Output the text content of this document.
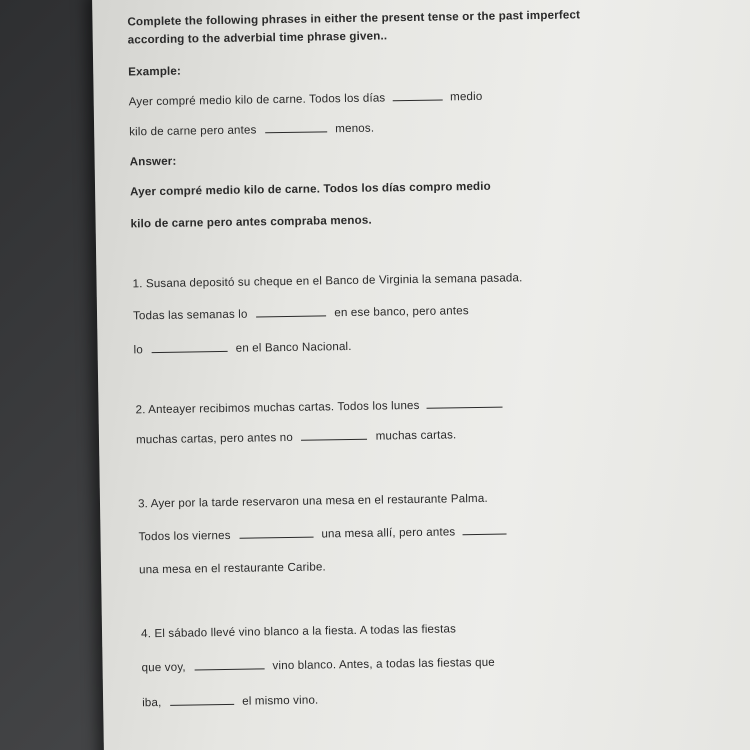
Complete the following phrases in either the present tense or the past imperfect
according to the adverbial time phrase given..
Example:
Ayer compré medio kilo de carne. Todos los días	medio
kilo de carne pero antes	menos.
Answer:
Ayer compré medio kilo de carne. Todos los días compro medio
kilo de carne pero antes compraba menos.
1. Susana depositó su cheque en el Banco de Virginia la semana pasada.
Todas las semanas lo	en ese banco, pero antes
lo	en el Banco Nacional.
2. Anteayer recibimos muchas cartas. Todos los lunes
muchas cartas, pero antes no	muchas cartas.
3. Ayer por la tarde reservaron una mesa en el restaurante Palma.
Todos los viernes	una mesa allí, pero antes
una mesa en el restaurante Caribe.
4. El sábado llevé vino blanco a la fiesta. A todas las fiestas
que voy,	vino blanco. Antes, a todas las fiestas que
iba,	el mismo vino.
